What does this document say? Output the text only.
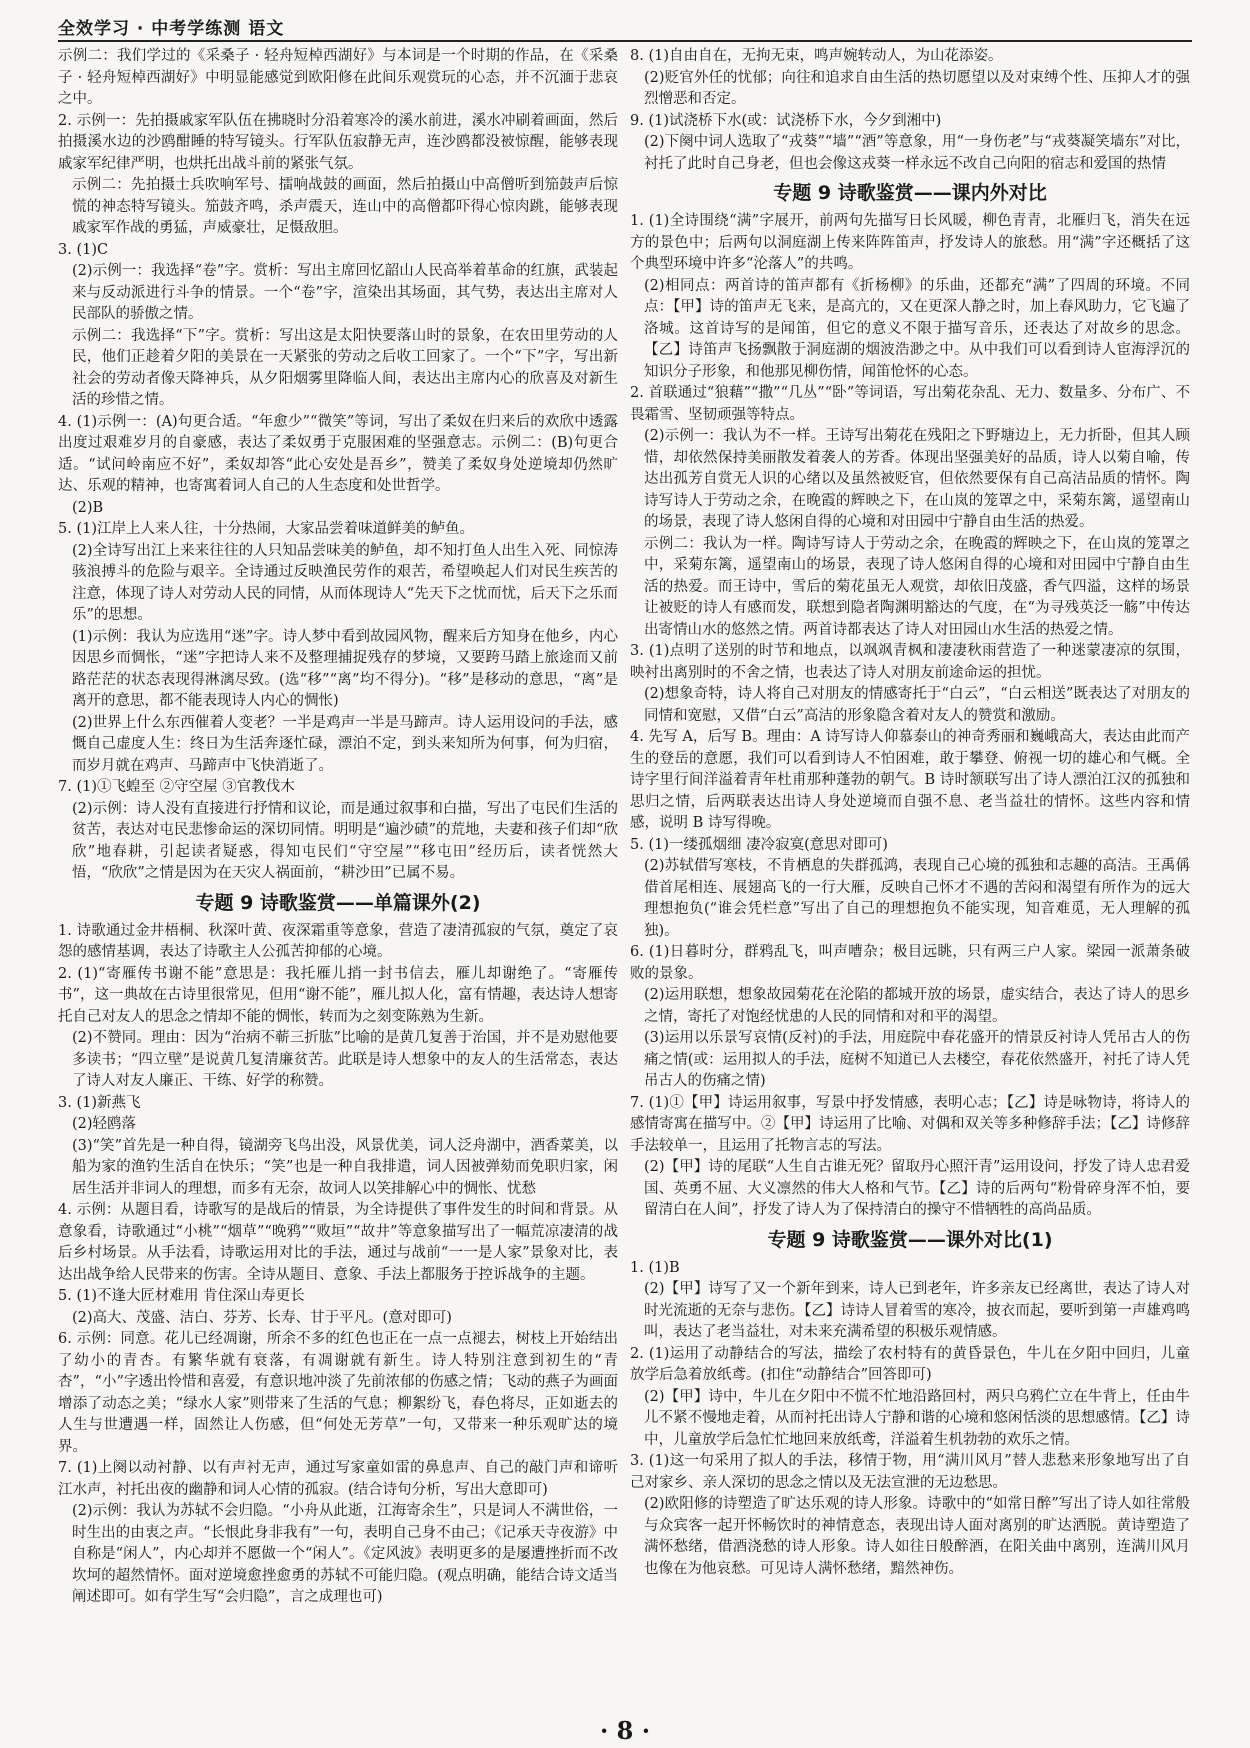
全效学习 · 中考学练测 语文

示例二：我们学过的《采桑子 · 轻舟短棹西湖好》与本词是一个时期的作品，在《采桑子 · 轻舟短棹西湖好》中明显能感觉到欧阳修在此间乐观赏玩的心态，并不沉湎于悲哀之中。

2. 示例一：先拍摄戚家军队伍在拂晓时分沿着寒冷的溪水前进，溪水冲刷着画面，然后拍摄溪水边的沙鸥酣睡的特写镜头。行军队伍寂静无声，连沙鸥都没被惊醒，能够表现戚家军纪律严明，也烘托出战斗前的紧张气氛。

示例二：先拍摄士兵吹响军号、擂响战鼓的画面，然后拍摄山中高僧听到笳鼓声后惊慌的神态特写镜头。笳鼓齐鸣，杀声震天，连山中的高僧都吓得心惊肉跳，能够表现戚家军作战的勇猛，声威豪壮，足慑敌胆。

3. (1)C

(2)示例一：我选择“卷”字。赏析：写出主席回忆韶山人民高举着革命的红旗，武装起来与反动派进行斗争的情景。一个“卷”字，渲染出其场面，其气势，表达出主席对人民部队的骄傲之情。

示例二：我选择“下”字。赏析：写出这是太阳快要落山时的景象，在农田里劳动的人民，他们正趁着夕阳的美景在一天紧张的劳动之后收工回家了。一个“下”字，写出新社会的劳动者像天降神兵，从夕阳烟雾里降临人间，表达出主席内心的欣喜及对新生活的珍惜之情。

4. (1)示例一：(A)句更合适。“年愈少”“微笑”等词，写出了柔奴在归来后的欢欣中透露出度过艰难岁月的自豪感，表达了柔奴勇于克服困难的坚强意志。示例二：(B)句更合适。“试问岭南应不好”，柔奴却答“此心安处是吾乡”，赞美了柔奴身处逆境却仍然旷达、乐观的精神，也寄寓着词人自己的人生态度和处世哲学。

(2)B

5. (1)江岸上人来人往，十分热闹，大家品尝着味道鲜美的鲈鱼。

(2)全诗写出江上来来往往的人只知品尝味美的鲈鱼，却不知打鱼人出生入死、同惊涛骇浪搏斗的危险与艰辛。全诗通过反映渔民劳作的艰苦，希望唤起人们对民生疾苦的注意，体现了诗人对劳动人民的同情，从而体现诗人“先天下之忧而忧，后天下之乐而乐”的思想。

(1)示例：我认为应选用“迷”字。诗人梦中看到故园风物，醒来后方知身在他乡，内心因思乡而惆怅，“迷”字把诗人来不及整理捕捉残存的梦境，又要跨马踏上旅途而又前路茫茫的状态表现得淋漓尽致。(选“移”“离”均不得分)。“移”是移动的意思，“离”是离开的意思，都不能表现诗人内心的惆怅)

(2)世界上什么东西催着人变老？一半是鸡声一半是马蹄声。诗人运用设问的手法，感慨自己虚度人生：终日为生活奔逐忙碌，漂泊不定，到头来知所为何事，何为归宿，而岁月就在鸡声、马蹄声中飞快消逝了。

7. (1)①飞蝗至 ②守空屋 ③官教伐木

(2)示例：诗人没有直接进行抒情和议论，而是通过叙事和白描，写出了屯民们生活的贫苦，表达对屯民悲惨命运的深切同情。明明是“遍沙碛”的荒地，夫妻和孩子们却“欣欣”地春耕，引起读者疑惑，得知屯民们“守空屋”“移屯田”经历后，读者恍然大悟，“欣欣”之情是因为在天灾人祸面前，“耕沙田”已属不易。

专题 9 诗歌鉴赏——单篇课外(2)

1. 诗歌通过金井梧桐、秋深叶黄、夜深霜重等意象，营造了凄清孤寂的气氛，奠定了哀怨的感情基调，表达了诗歌主人公孤苦抑郁的心境。

2. (1)“寄雁传书谢不能”意思是：我托雁儿捎一封书信去，雁儿却谢绝了。“寄雁传书”，这一典故在古诗里很常见，但用“谢不能”，雁儿拟人化，富有情趣，表达诗人想寄托自己对友人的思念之情却不能的惆怅，转而为之刻变陈熟为生新。

(2)不赞同。理由：因为“治病不蕲三折肱”比喻的是黄几复善于治国，并不是劝慰他要多读书；“四立壁”是说黄几复清廉贫苦。此联是诗人想象中的友人的生活常态，表达了诗人对友人廉正、干练、好学的称赞。

3. (1)新燕飞

(2)轻鸥落

(3)“笑”首先是一种自得，镜湖旁飞鸟出没，风景优美，词人泛舟湖中，酒香菜美，以船为家的渔钓生活自在快乐；“笑”也是一种自我排遣，词人因被弹劾而免职归家，闲居生活并非词人的理想，而多有无奈，故词人以笑排解心中的惆怅、忧愁

4. 示例：从题目看，诗歌写的是战后的情景，为全诗提供了事件发生的时间和背景。从意象看，诗歌通过“小桃”“烟草”“晚鸦”“败垣”“故井”等意象描写出了一幅荒凉凄清的战后乡村场景。从手法看，诗歌运用对比的手法，通过与战前“一一是人家”景象对比，表达出战争给人民带来的伤害。全诗从题目、意象、手法上都服务于控诉战争的主题。

5. (1)不逢大匠材难用 肯住深山寿更长

(2)高大、茂盛、洁白、芬芳、长寿、甘于平凡。(意对即可)

6. 示例：同意。花儿已经凋谢，所余不多的红色也正在一点一点褪去，树枝上开始结出了幼小的青杏。有繁华就有衰落，有凋谢就有新生。诗人特别注意到初生的“青杏”，“小”字透出怜惜和喜爱，有意识地冲淡了先前浓郁的伤感之情；飞动的燕子为画面增添了动态之美；“绿水人家”则带来了生活的气息；柳絮纷飞，春色将尽，正如逝去的人生与世遭遇一样，固然让人伤感，但“何处无芳草”一句，又带来一种乐观旷达的境界。

7. (1)上阕以动衬静、以有声衬无声，通过写家童如雷的鼻息声、自己的敲门声和谛听江水声，衬托出夜的幽静和词人心情的孤寂。(结合诗句分析，写出大意即可)

(2)示例：我认为苏轼不会归隐。“小舟从此逝，江海寄余生”，只是词人不满世俗，一时生出的由衷之声。“长恨此身非我有”一句，表明自己身不由己；《记承天寺夜游》中自称是“闲人”，内心却并不愿做一个“闲人”。《定风波》表明更多的是屡遭挫折而不改坎坷的超然情怀。面对逆境愈挫愈勇的苏轼不可能归隐。(观点明确，能结合诗文适当阐述即可。如有学生写“会归隐”，言之成理也可)

8. (1)自由自在，无拘无束，鸣声婉转动人，为山花添姿。

(2)贬官外任的忧郁；向往和追求自由生活的热切愿望以及对束缚个性、压抑人才的强烈憎恶和否定。

9. (1)试浇桥下水(或：试浇桥下水，今夕到湘中)

(2)下阕中词人选取了“戎葵”“墙”“酒”等意象，用“一身伤老”与“戎葵凝笑墙东”对比，衬托了此时自己身老，但也会像这戎葵一样永远不改自己向阳的宿志和爱国的热情

专题 9 诗歌鉴赏——课内外对比

1. (1)全诗围绕“满”字展开，前两句先描写日长风暖，柳色青青，北雁归飞，消失在远方的景色中；后两句以洞庭湖上传来阵阵笛声，抒发诗人的旅愁。用“满”字还概括了这个典型环境中许多“沦落人”的共鸣。

(2)相同点：两首诗的笛声都有《折杨柳》的乐曲，还都充“满”了四周的环境。不同点：【甲】诗的笛声无飞来，是高亢的，又在更深人静之时，加上春风助力，它飞遍了洛城。这首诗写的是闻笛，但它的意义不限于描写音乐，还表达了对故乡的思念。【乙】诗笛声飞扬飘散于洞庭湖的烟波浩渺之中。从中我们可以看到诗人宦海浮沉的知识分子形象，和他那见柳伤情，闻笛怆怀的心态。

2. 首联通过“狼藉”“撒”“几丛”“卧”等词语，写出菊花杂乱、无力、数量多、分布广、不畏霜雪、坚韧顽强等特点。

(2)示例一：我认为不一样。王诗写出菊花在残阳之下野塘边上，无力折卧，但其人顾惜，却依然保持美丽散发着袭人的芳香。体现出坚强美好的品质，诗人以菊自喻，传达出孤芳自赏无人识的心绪以及虽然被贬官，但依然要保有自己高洁品质的情怀。陶诗写诗人于劳动之余，在晚霞的辉映之下，在山岚的笼罩之中，采菊东篱，遥望南山的场景，表现了诗人悠闲自得的心境和对田园中宁静自由生活的热爱。

示例二：我认为一样。陶诗写诗人于劳动之余，在晚霞的辉映之下，在山岚的笼罩之中，采菊东篱，遥望南山的场景，表现了诗人悠闲自得的心境和对田园中宁静自由生活的热爱。而王诗中，雪后的菊花虽无人观赏，却依旧茂盛，香气四溢，这样的场景让被贬的诗人有感而发，联想到隐者陶渊明豁达的气度，在“为寻残英泛一觞”中传达出寄情山水的悠然之情。两首诗都表达了诗人对田园山水生活的热爱之情。

3. (1)点明了送别的时节和地点，以飒飒青枫和凄凄秋雨营造了一种迷蒙凄凉的氛围，映衬出离别时的不舍之情，也表达了诗人对朋友前途命运的担忧。

(2)想象奇特，诗人将自己对朋友的情感寄托于“白云”，“白云相送”既表达了对朋友的同情和宽慰，又借“白云”高洁的形象隐含着对友人的赞赏和激励。

4. 先写 A，后写 B。理由：A 诗写诗人仰慕泰山的神奇秀丽和巍峨高大，表达由此而产生的登岳的意愿，我们可以看到诗人不怕困难，敢于攀登、俯视一切的雄心和气概。全诗字里行间洋溢着青年杜甫那种蓬勃的朝气。B 诗时颔联写出了诗人漂泊江汉的孤独和思归之情，后两联表达出诗人身处逆境而自强不息、老当益壮的情怀。这些内容和情感，说明 B 诗写得晚。

5. (1)一缕孤烟细 凄冷寂寞(意思对即可)

(2)苏轼借写寒枝，不肯栖息的失群孤鸿，表现自己心境的孤独和志趣的高洁。王禹偁借首尾相连、展翅高飞的一行大雁，反映自己怀才不遇的苦闷和渴望有所作为的远大理想抱负(“谁会凭栏意”写出了自己的理想抱负不能实现，知音难觅，无人理解的孤独)。

6. (1)日暮时分，群鸦乱飞，叫声嘈杂；极目远眺，只有两三户人家。梁园一派萧条破败的景象。

(2)运用联想，想象故园菊花在沦陷的都城开放的场景，虚实结合，表达了诗人的思乡之情，寄托了对饱经忧患的人民的同情和对和平的渴望。

(3)运用以乐景写哀情(反衬)的手法，用庭院中春花盛开的情景反衬诗人凭吊古人的伤痛之情(或：运用拟人的手法，庭树不知道已人去楼空，春花依然盛开，衬托了诗人凭吊古人的伤痛之情)

7. (1)①【甲】诗运用叙事，写景中抒发情感，表明心志；【乙】诗是咏物诗，将诗人的感情寄寓在描写中。②【甲】诗运用了比喻、对偶和双关等多种修辞手法；【乙】诗修辞手法较单一，且运用了托物言志的写法。

(2)【甲】诗的尾联“人生自古谁无死？留取丹心照汗青”运用设问，抒发了诗人忠君爱国、英勇不屈、大义凛然的伟大人格和气节。【乙】诗的后两句“粉骨碎身浑不怕，要留清白在人间”，抒发了诗人为了保持清白的操守不惜牺牲的高尚品质。

专题 9 诗歌鉴赏——课外对比(1)

1. (1)B

(2)【甲】诗写了又一个新年到来，诗人已到老年，许多亲友已经离世，表达了诗人对时光流逝的无奈与悲伤。【乙】诗诗人冒着雪的寒冷，披衣而起，要听到第一声雄鸡鸣叫，表达了老当益壮，对未来充满希望的积极乐观情感。

2. (1)运用了动静结合的写法，描绘了农村特有的黄昏景色，牛儿在夕阳中回归，儿童放学后急着放纸鸢。(扣住“动静结合”回答即可)

(2)【甲】诗中，牛儿在夕阳中不慌不忙地沿路回村，两只乌鸦伫立在牛背上，任由牛儿不紧不慢地走着，从而衬托出诗人宁静和谐的心境和悠闲恬淡的思想感情。【乙】诗中，儿童放学后急忙忙地回来放纸鸢，洋溢着生机勃勃的欢乐之情。

3. (1)这一句采用了拟人的手法，移情于物，用“满川风月”替人悲愁来形象地写出了自己对家乡、亲人深切的思念之情以及无法宣泄的无边愁思。

(2)欧阳修的诗塑造了旷达乐观的诗人形象。诗歌中的“如常日醉”写出了诗人如往常般与众宾客一起开怀畅饮时的神情意态，表现出诗人面对离别的旷达洒脱。黄诗塑造了满怀愁绪，借酒浇愁的诗人形象。诗人如往日般醉酒，在阳关曲中离别，连满川风月也像在为他哀愁。可见诗人满怀愁绪，黯然神伤。

· 8 ·
